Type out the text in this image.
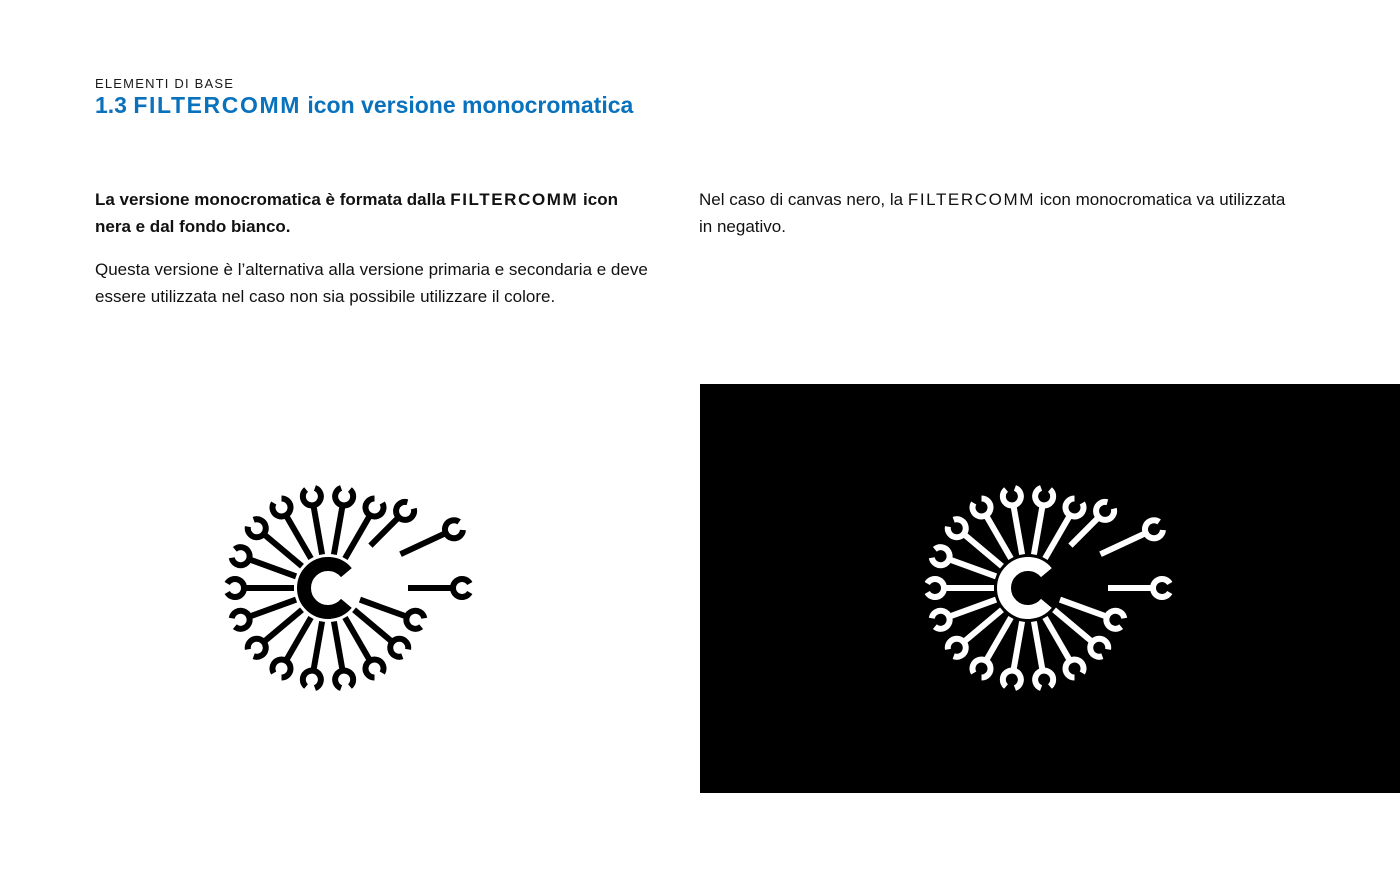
ELEMENTI DI BASE
1.3 FILTERCOMM icon versione monocromatica

La versione monocromatica è formata dalla FILTERCOMM icon nera e dal fondo bianco.

Questa versione è l’alternativa alla versione primaria e secondaria e deve essere utilizzata nel caso non sia possibile utilizzare il colore.

Nel caso di canvas nero, la FILTERCOMM icon monocromatica va utilizzata in negativo.
